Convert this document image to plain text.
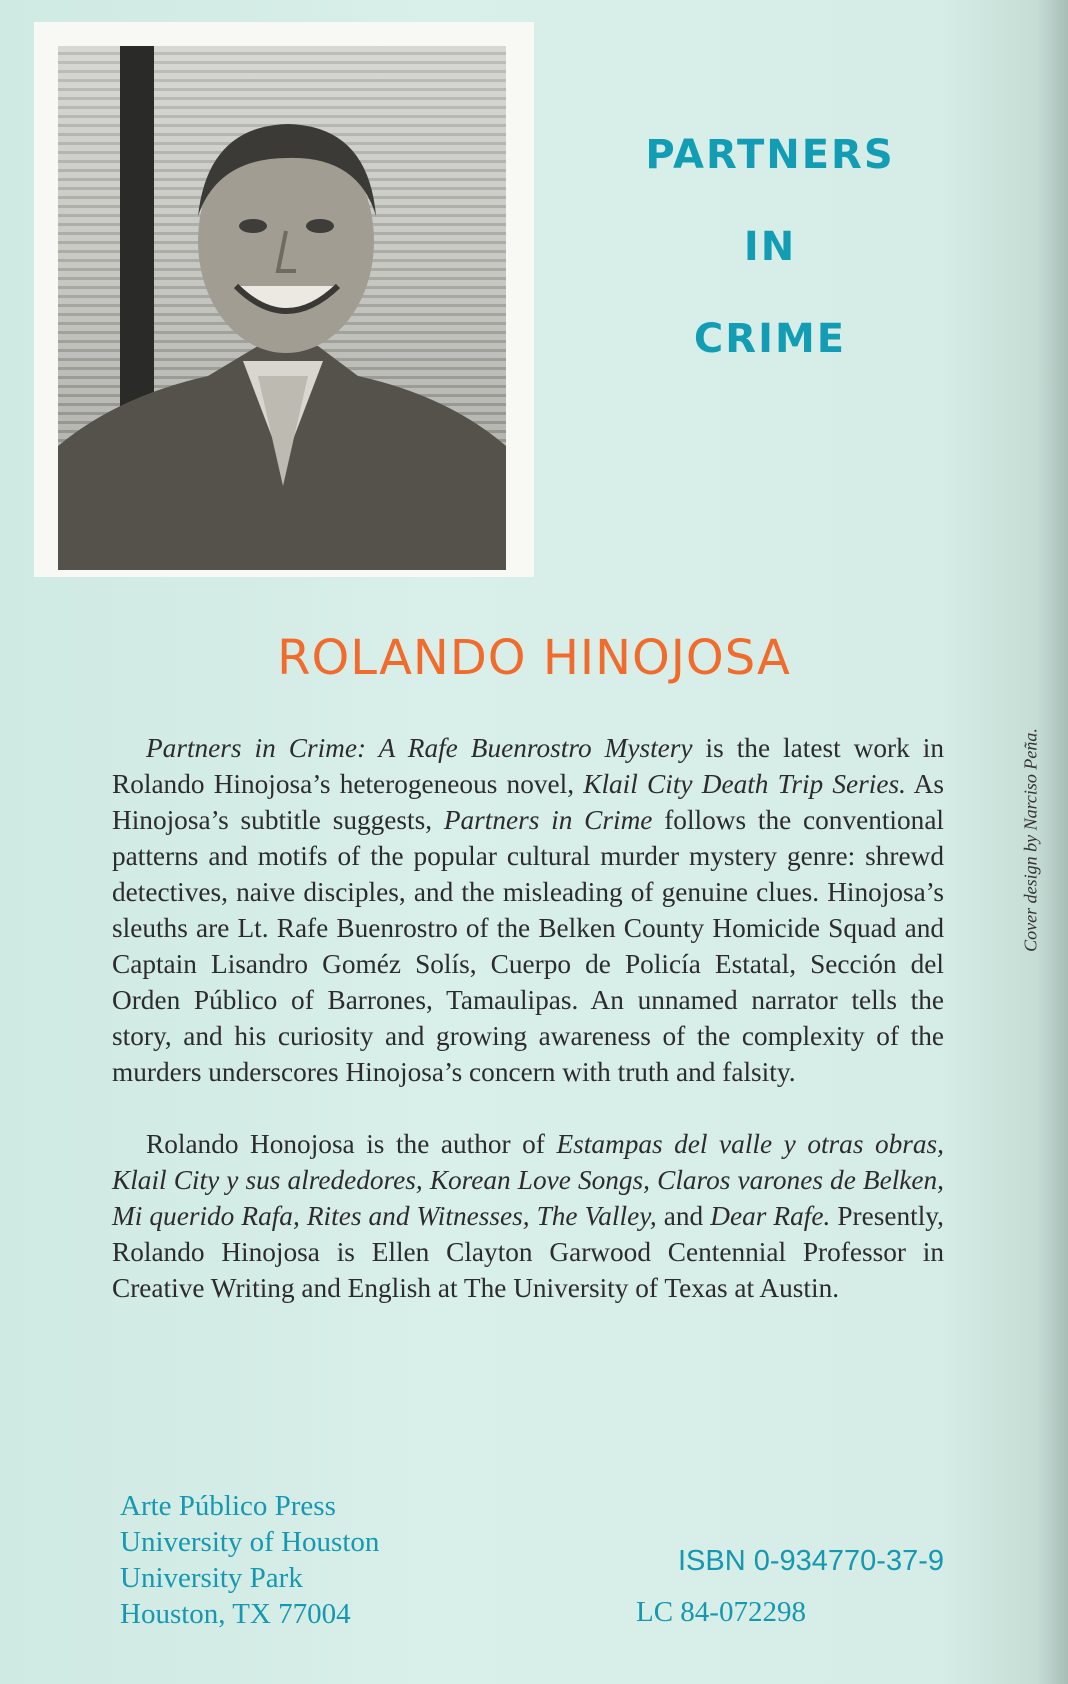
PARTNERS
IN
CRIME
ROLANDO HINOJOSA

Partners in Crime: A Rafe Buenrostro Mystery is the latest work in Rolando Hinojosa’s heterogeneous novel, Klail City Death Trip Series. As Hinojosa’s subtitle suggests, Partners in Crime follows the conventional patterns and motifs of the popular cultural murder mystery genre: shrewd detectives, naive disciples, and the misleading of genuine clues. Hinojosa’s sleuths are Lt. Rafe Buenrostro of the Belken County Homicide Squad and Captain Lisandro Goméz Solís, Cuerpo de Policía Estatal, Sección del Orden Público of Barrones, Tamaulipas. An unnamed narrator tells the story, and his curiosity and growing awareness of the complexity of the murders underscores Hinojosa’s concern with truth and falsity.

Rolando Honojosa is the author of Estampas del valle y otras obras, Klail City y sus alrededores, Korean Love Songs, Claros varones de Belken, Mi querido Rafa, Rites and Witnesses, The Valley, and Dear Rafe. Presently, Rolando Hinojosa is Ellen Clayton Garwood Centennial Professor in Creative Writing and English at The University of Texas at Austin.

Arte Público Press
University of Houston
University Park
Houston, TX 77004
ISBN 0-934770-37-9
LC 84-072298
Cover design by Narciso Peña.
